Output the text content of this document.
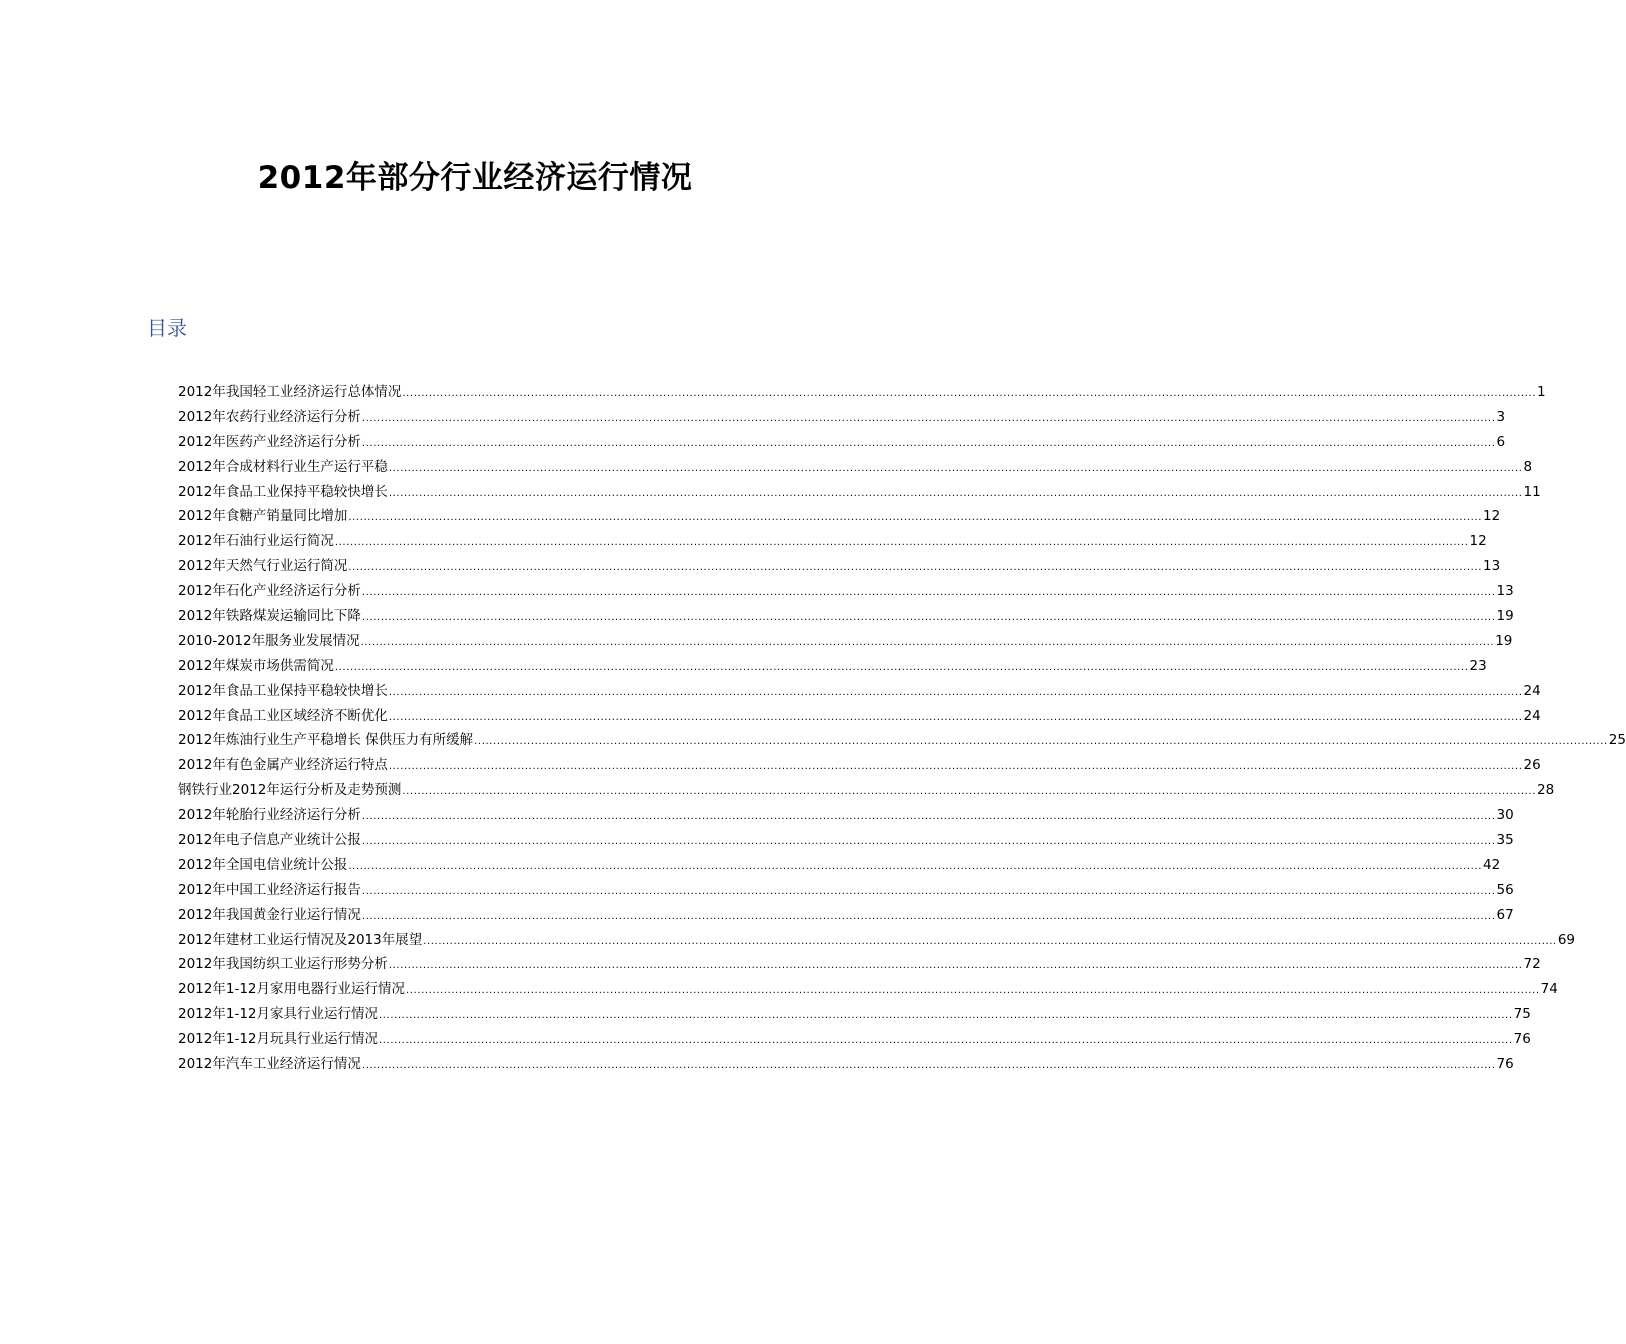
2012年部分行业经济运行情况
目录
2012年我国轻工业经济运行总体情况 ............................................................................................................................................................................................................................................................................................................ 1
2012年农药行业经济运行分析 ............................................................................................................................................................................................................................................................................................................ 3
2012年医药产业经济运行分析 ............................................................................................................................................................................................................................................................................................................ 6
2012年合成材料行业生产运行平稳 ............................................................................................................................................................................................................................................................................................................ 8
2012年食品工业保持平稳较快增长 ............................................................................................................................................................................................................................................................................................................ 11
2012年食糖产销量同比增加 ............................................................................................................................................................................................................................................................................................................ 12
2012年石油行业运行简况 ............................................................................................................................................................................................................................................................................................................ 12
2012年天然气行业运行简况 ............................................................................................................................................................................................................................................................................................................ 13
2012年石化产业经济运行分析 ............................................................................................................................................................................................................................................................................................................ 13
2012年铁路煤炭运输同比下降 ............................................................................................................................................................................................................................................................................................................ 19
2010-2012年服务业发展情况 ............................................................................................................................................................................................................................................................................................................ 19
2012年煤炭市场供需简况 ............................................................................................................................................................................................................................................................................................................ 23
2012年食品工业保持平稳较快增长 ............................................................................................................................................................................................................................................................................................................ 24
2012年食品工业区域经济不断优化 ............................................................................................................................................................................................................................................................................................................ 24
2012年炼油行业生产平稳增长 保供压力有所缓解 ............................................................................................................................................................................................................................................................................................................ 25
2012年有色金属产业经济运行特点 ............................................................................................................................................................................................................................................................................................................ 26
钢铁行业2012年运行分析及走势预测 ............................................................................................................................................................................................................................................................................................................ 28
2012年轮胎行业经济运行分析 ............................................................................................................................................................................................................................................................................................................ 30
2012年电子信息产业统计公报 ............................................................................................................................................................................................................................................................................................................ 35
2012年全国电信业统计公报 ............................................................................................................................................................................................................................................................................................................ 42
2012年中国工业经济运行报告 ............................................................................................................................................................................................................................................................................................................ 56
2012年我国黄金行业运行情况 ............................................................................................................................................................................................................................................................................................................ 67
2012年建材工业运行情况及2013年展望 ............................................................................................................................................................................................................................................................................................................ 69
2012年我国纺织工业运行形势分析 ............................................................................................................................................................................................................................................................................................................ 72
2012年1-12月家用电器行业运行情况 ............................................................................................................................................................................................................................................................................................................ 74
2012年1-12月家具行业运行情况 ............................................................................................................................................................................................................................................................................................................ 75
2012年1-12月玩具行业运行情况 ............................................................................................................................................................................................................................................................................................................ 76
2012年汽车工业经济运行情况 ............................................................................................................................................................................................................................................................................................................ 76
